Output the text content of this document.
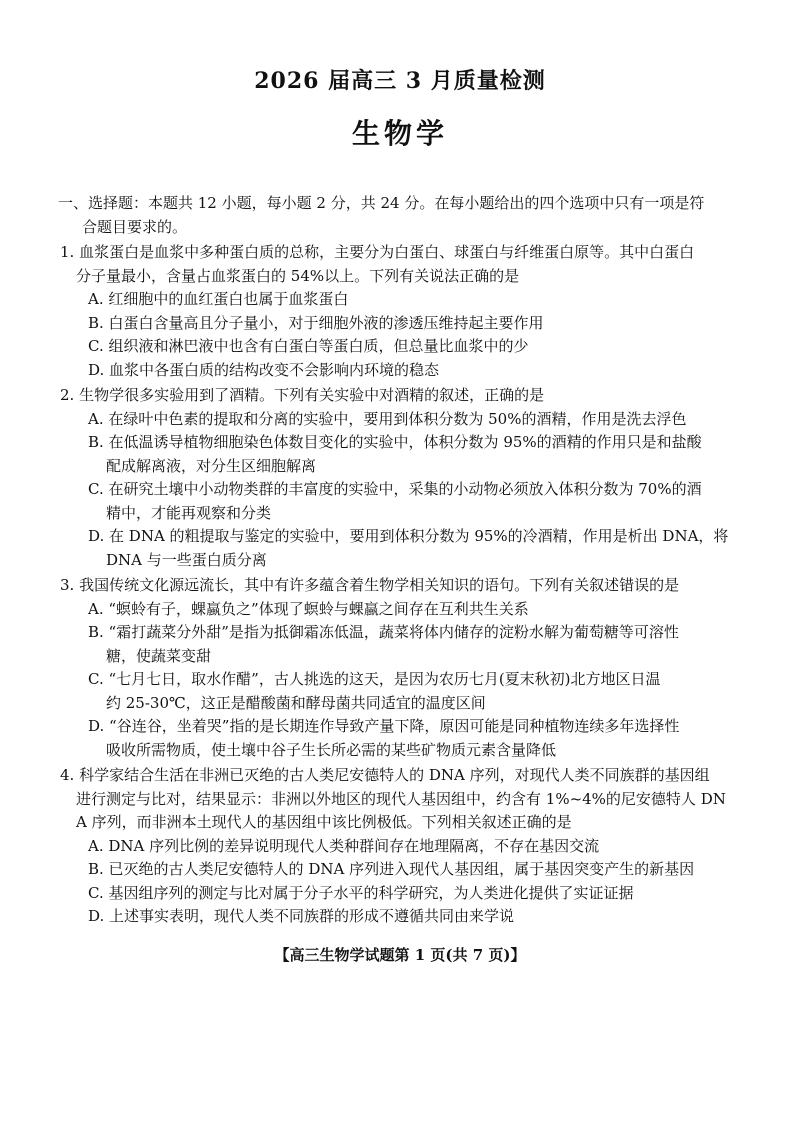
2026 届高三 3 月质量检测
生物学
一、选择题：本题共 12 小题，每小题 2 分，共 24 分。在每小题给出的四个选项中只有一项是符
合题目要求的。
1. 血浆蛋白是血浆中多种蛋白质的总称，主要分为白蛋白、球蛋白与纤维蛋白原等。其中白蛋白
分子量最小，含量占血浆蛋白的 54%以上。下列有关说法正确的是
A. 红细胞中的血红蛋白也属于血浆蛋白
B. 白蛋白含量高且分子量小，对于细胞外液的渗透压维持起主要作用
C. 组织液和淋巴液中也含有白蛋白等蛋白质，但总量比血浆中的少
D. 血浆中各蛋白质的结构改变不会影响内环境的稳态
2. 生物学很多实验用到了酒精。下列有关实验中对酒精的叙述，正确的是
A. 在绿叶中色素的提取和分离的实验中，要用到体积分数为 50%的酒精，作用是洗去浮色
B. 在低温诱导植物细胞染色体数目变化的实验中，体积分数为 95%的酒精的作用只是和盐酸
配成解离液，对分生区细胞解离
C. 在研究土壤中小动物类群的丰富度的实验中，采集的小动物必须放入体积分数为 70%的酒
精中，才能再观察和分类
D. 在 DNA 的粗提取与鉴定的实验中，要用到体积分数为 95%的冷酒精，作用是析出 DNA，将
DNA 与一些蛋白质分离
3. 我国传统文化源远流长，其中有许多蕴含着生物学相关知识的语句。下列有关叙述错误的是
A. “螟蛉有子，蜾蠃负之”体现了螟蛉与蜾蠃之间存在互利共生关系
B. “霜打蔬菜分外甜”是指为抵御霜冻低温，蔬菜将体内储存的淀粉水解为葡萄糖等可溶性
糖，使蔬菜变甜
C. “七月七日，取水作醋”，古人挑选的这天，是因为农历七月(夏末秋初)北方地区日温
约 25-30℃，这正是醋酸菌和酵母菌共同适宜的温度区间
D. “谷连谷，坐着哭”指的是长期连作导致产量下降，原因可能是同种植物连续多年选择性
吸收所需物质，使土壤中谷子生长所必需的某些矿物质元素含量降低
4. 科学家结合生活在非洲已灭绝的古人类尼安德特人的 DNA 序列，对现代人类不同族群的基因组
进行测定与比对，结果显示：非洲以外地区的现代人基因组中，约含有 1%~4%的尼安德特人 DN
A 序列，而非洲本土现代人的基因组中该比例极低。下列相关叙述正确的是
A. DNA 序列比例的差异说明现代人类种群间存在地理隔离，不存在基因交流
B. 已灭绝的古人类尼安德特人的 DNA 序列进入现代人基因组，属于基因突变产生的新基因
C. 基因组序列的测定与比对属于分子水平的科学研究，为人类进化提供了实证证据
D. 上述事实表明，现代人类不同族群的形成不遵循共同由来学说
【高三生物学试题第 1 页(共 7 页)】
